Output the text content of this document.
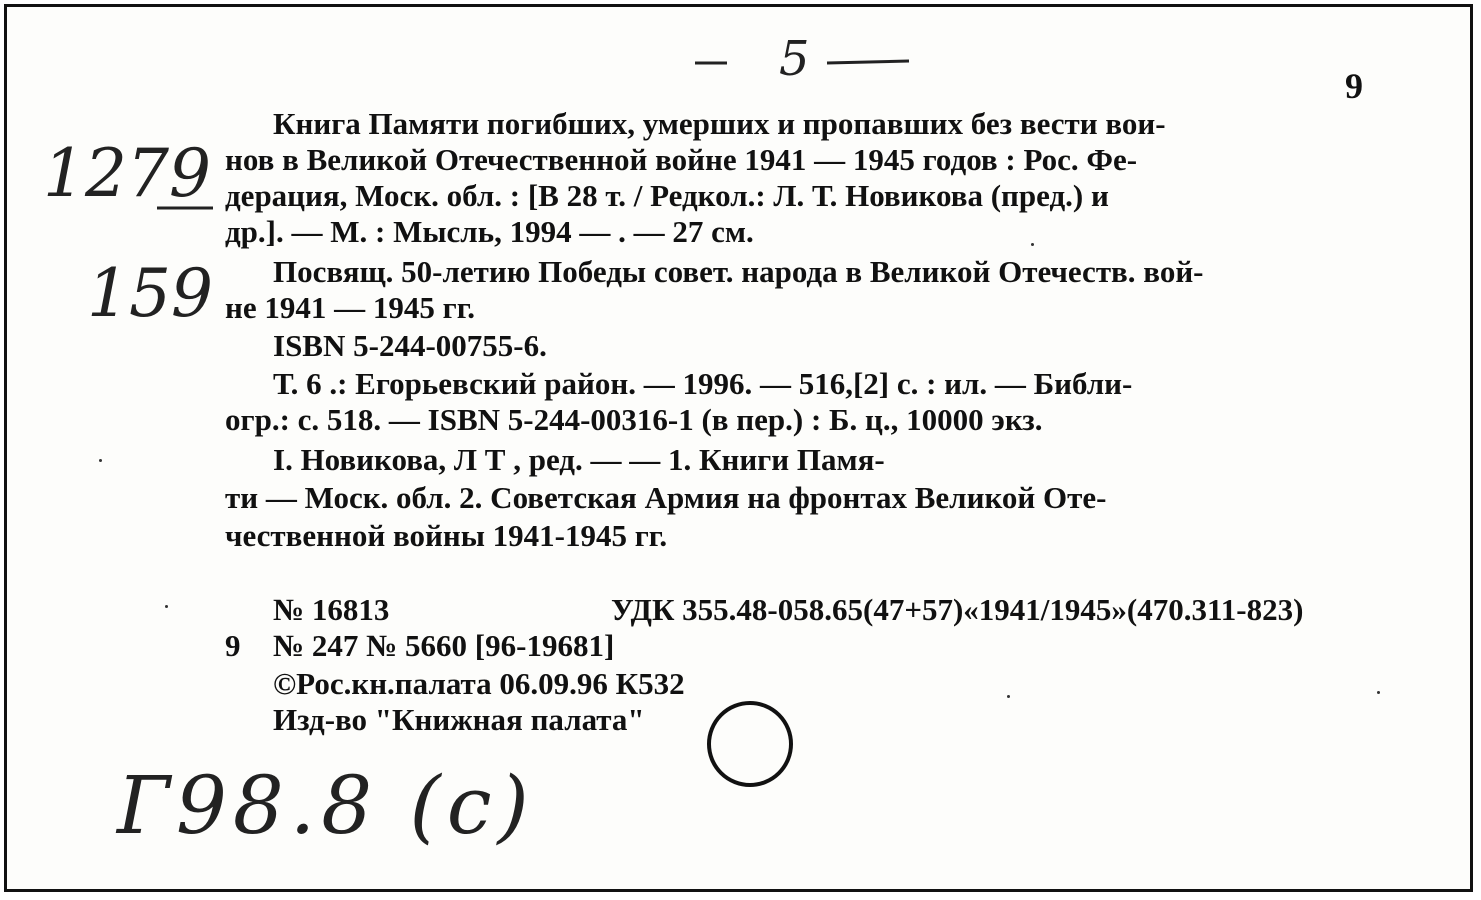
5	9
1279
159
Книга Памяти погибших, умерших и пропавших без вести вои-
нов в Великой Отечественной войне 1941 — 1945 годов : Рос. Фе-
дерация, Моск. обл. : [В 28 т. / Редкол.: Л. Т. Новикова (пред.) и
др.]. — М. : Мысль, 1994 — . — 27 см.
Посвящ. 50-летию Победы совет. народа в Великой Отечеств. вой-
не 1941 — 1945 гг.
ISBN 5-244-00755-6.
Т. 6 .: Егорьевский район. — 1996. — 516,[2] с. : ил. — Библи-
огр.: с. 518. — ISBN 5-244-00316-1 (в пер.) : Б. ц., 10000 экз.
I. Новикова, Л Т , ред. — — 1. Книги Памя-
ти — Моск. обл. 2. Советская Армия на фронтах Великой Оте-
чественной войны 1941-1945 гг.
№ 16813	УДК 355.48-058.65(47+57)«1941/1945»(470.311-823)
9 № 247 № 5660 [96-19681]
©Рос.кн.палата 06.09.96 К532
Изд-во "Книжная палата"
Г98.8 (с)
